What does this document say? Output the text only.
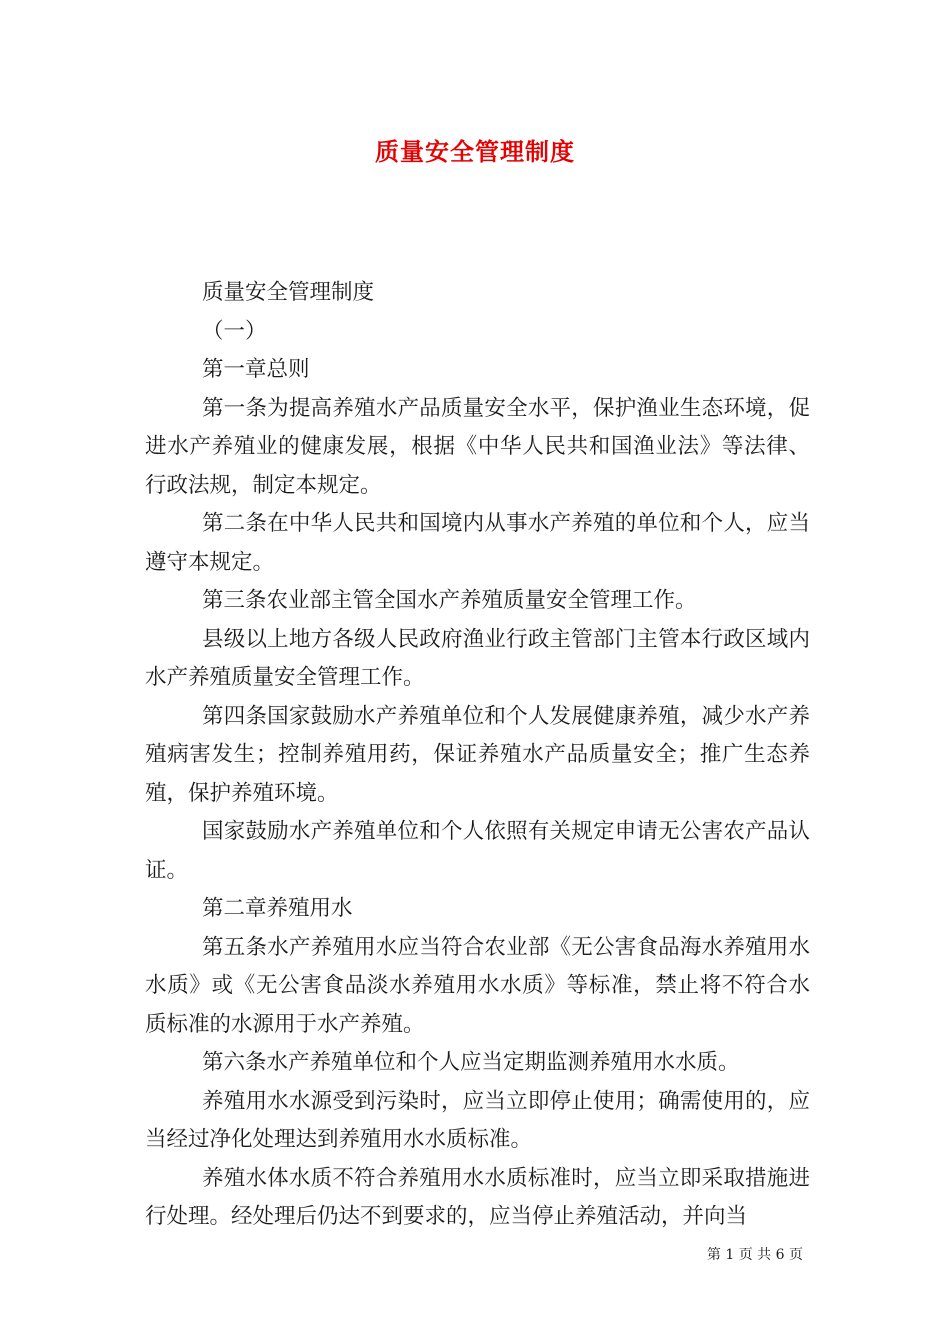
质量安全管理制度

质量安全管理制度

（一）

第一章总则

第一条为提高养殖水产品质量安全水平，保护渔业生态环境，促进水产养殖业的健康发展，根据《中华人民共和国渔业法》等法律、行政法规，制定本规定。

第二条在中华人民共和国境内从事水产养殖的单位和个人，应当遵守本规定。

第三条农业部主管全国水产养殖质量安全管理工作。

县级以上地方各级人民政府渔业行政主管部门主管本行政区域内水产养殖质量安全管理工作。

第四条国家鼓励水产养殖单位和个人发展健康养殖，减少水产养殖病害发生；控制养殖用药，保证养殖水产品质量安全；推广生态养殖，保护养殖环境。

国家鼓励水产养殖单位和个人依照有关规定申请无公害农产品认证。

第二章养殖用水

第五条水产养殖用水应当符合农业部《无公害食品海水养殖用水水质》或《无公害食品淡水养殖用水水质》等标准，禁止将不符合水质标准的水源用于水产养殖。

第六条水产养殖单位和个人应当定期监测养殖用水水质。

养殖用水水源受到污染时，应当立即停止使用；确需使用的，应当经过净化处理达到养殖用水水质标准。

养殖水体水质不符合养殖用水水质标准时，应当立即采取措施进行处理。经处理后仍达不到要求的，应当停止养殖活动，并向当

第 1 页 共 6 页
